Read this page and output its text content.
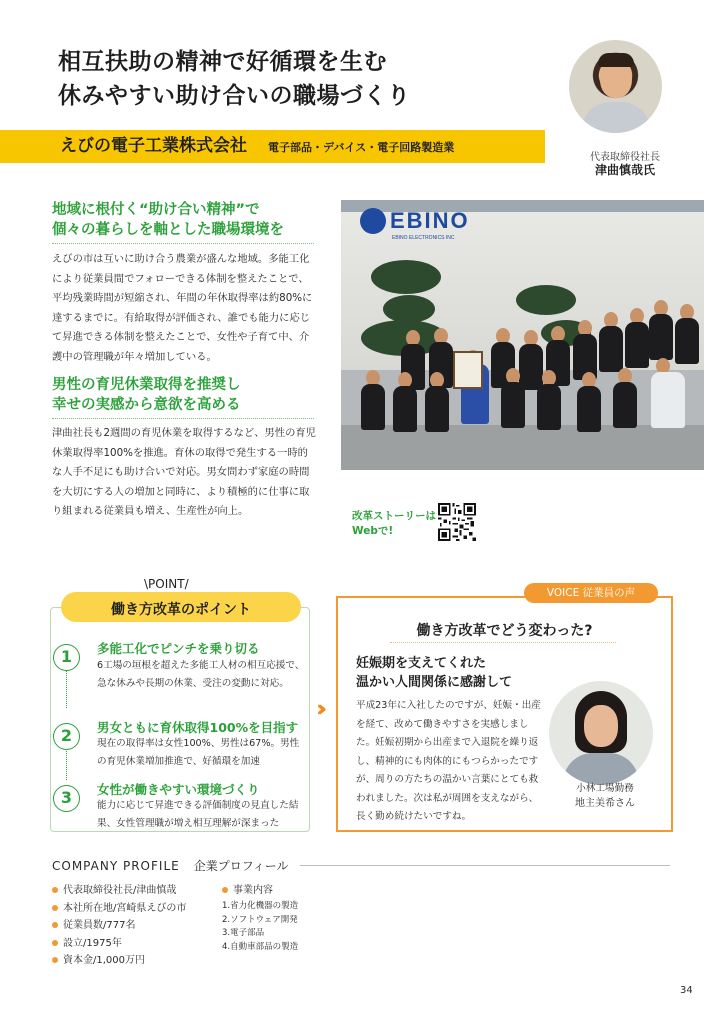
相互扶助の精神で好循環を生む
休みやすい助け合いの職場づくり
えびの電子工業株式会社 電子部品・デバイス・電子回路製造業
代表取締役社長
津曲慎哉氏
地域に根付く“助け合い精神”で
個々の暮らしを軸とした職場環境を
えびの市は互いに助け合う農業が盛んな地域。多能工化により従業員間でフォローできる体制を整えたことで、平均残業時間が短縮され、年間の年休取得率は約80%に達するまでに。有給取得が評価され、誰でも能力に応じて昇進できる体制を整えたことで、女性や子育て中、介護中の管理職が年々増加している。
男性の育児休業取得を推奨し
幸せの実感から意欲を高める
津曲社長も2週間の育児休業を取得するなど、男性の育児休業取得率100%を推進。育休の取得で発生する一時的な人手不足にも助け合いで対応。男女問わず家庭の時間を大切にする人の増加と同時に、より積極的に仕事に取り組まれる従業員も増え、生産性が向上。
EBINO
EBINO ELECTRONICS INC
改革ストーリーは
Webで!
\POINT/
働き方改革のポイント
1	多能工化でピンチを乗り切る
6工場の垣根を超えた多能工人材の相互応援で、急な休みや長期の休業、受注の変動に対応。
2	男女ともに育休取得100%を目指す
現在の取得率は女性100%、男性は67%。男性の育児休業増加推進で、好循環を加速
3	女性が働きやすい環境づくり
能力に応じて昇進できる評価制度の見直した結果、女性管理職が増え相互理解が深まった
VOICE 従業員の声
働き方改革でどう変わった?
妊娠期を支えてくれた
温かい人間関係に感謝して
平成23年に入社したのですが、妊娠・出産を経て、改めて働きやすさを実感しました。妊娠初期から出産まで入退院を繰り返し、精神的にも肉体的にもつらかったですが、周りの方たちの温かい言葉にとても救われました。次は私が周囲を支えながら、長く勤め続けたいですね。
小林工場勤務
地主美希さん
COMPANY PROFILE 企業プロフィール
代表取締役社長/津曲慎哉
本社所在地/宮崎県えびの市
従業員数/777名
設立/1975年
資本金/1,000万円
事業内容
1.省力化機器の製造
2.ソフトウェア開発
3.電子部品
4.自動車部品の製造
34
